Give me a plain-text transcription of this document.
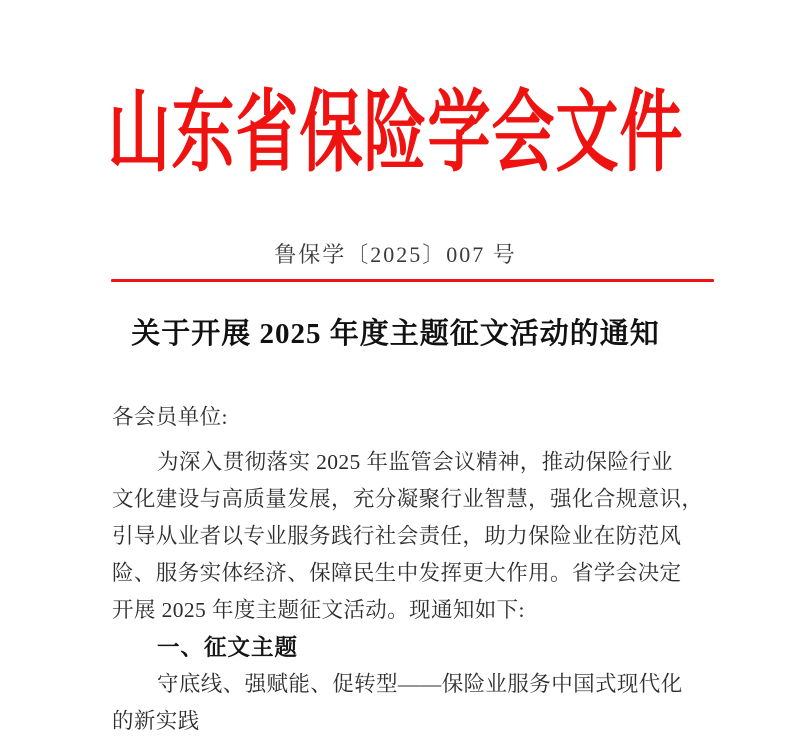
山东省保险学会文件
鲁保学〔2025〕007 号
关于开展 2025 年度主题征文活动的通知
各会员单位:
为深入贯彻落实 2025 年监管会议精神，推动保险行业
文化建设与高质量发展，充分凝聚行业智慧，强化合规意识，
引导从业者以专业服务践行社会责任，助力保险业在防范风
险、服务实体经济、保障民生中发挥更大作用。省学会决定
开展 2025 年度主题征文活动。现通知如下:
一、征文主题
守底线、强赋能、促转型——保险业服务中国式现代化
的新实践
